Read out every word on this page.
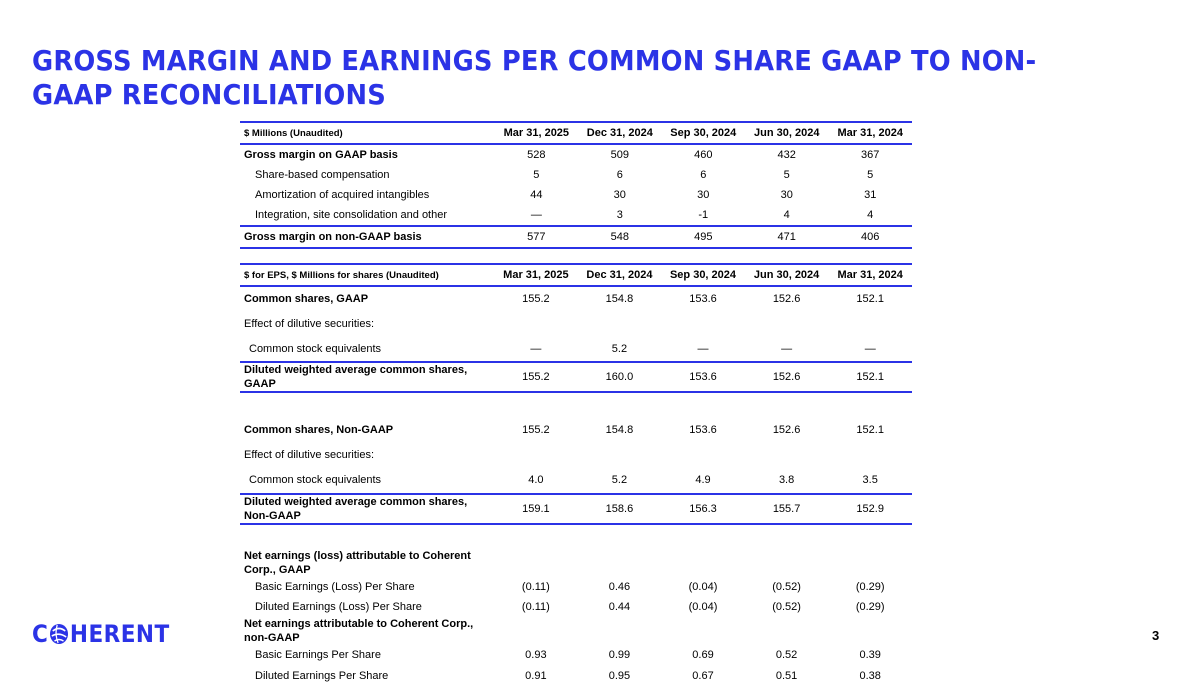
GROSS MARGIN AND EARNINGS PER COMMON SHARE GAAP TO NON-GAAP RECONCILIATIONS
$ Millions (Unaudited)	Mar 31, 2025	Dec 31, 2024	Sep 30, 2024	Jun 30, 2024	Mar 31, 2024
Gross margin on GAAP basis	528	509	460	432	367
Share-based compensation	5	6	6	5	5
Amortization of acquired intangibles	44	30	30	30	31
Integration, site consolidation and other	—	3	-1	4	4
Gross margin on non-GAAP basis	577	548	495	471	406
$ for EPS, $ Millions for shares (Unaudited)	Mar 31, 2025	Dec 31, 2024	Sep 30, 2024	Jun 30, 2024	Mar 31, 2024
Common shares, GAAP	155.2	154.8	153.6	152.6	152.1
Effect of dilutive securities:					
Common stock equivalents	—	5.2	—	—	—
Diluted weighted average common shares, GAAP	155.2	160.0	153.6	152.6	152.1

Common shares, Non-GAAP	155.2	154.8	153.6	152.6	152.1
Effect of dilutive securities:					
Common stock equivalents	4.0	5.2	4.9	3.8	3.5
Diluted weighted average common shares, Non-GAAP	159.1	158.6	156.3	155.7	152.9

Net earnings (loss) attributable to Coherent Corp., GAAP					
Basic Earnings (Loss) Per Share	(0.11)	0.46	(0.04)	(0.52)	(0.29)
Diluted Earnings (Loss) Per Share	(0.11)	0.44	(0.04)	(0.52)	(0.29)
Net earnings attributable to Coherent Corp., non-GAAP					
Basic Earnings Per Share	0.93	0.99	0.69	0.52	0.39
Diluted Earnings Per Share	0.91	0.95	0.67	0.51	0.38
C HERENT	3
